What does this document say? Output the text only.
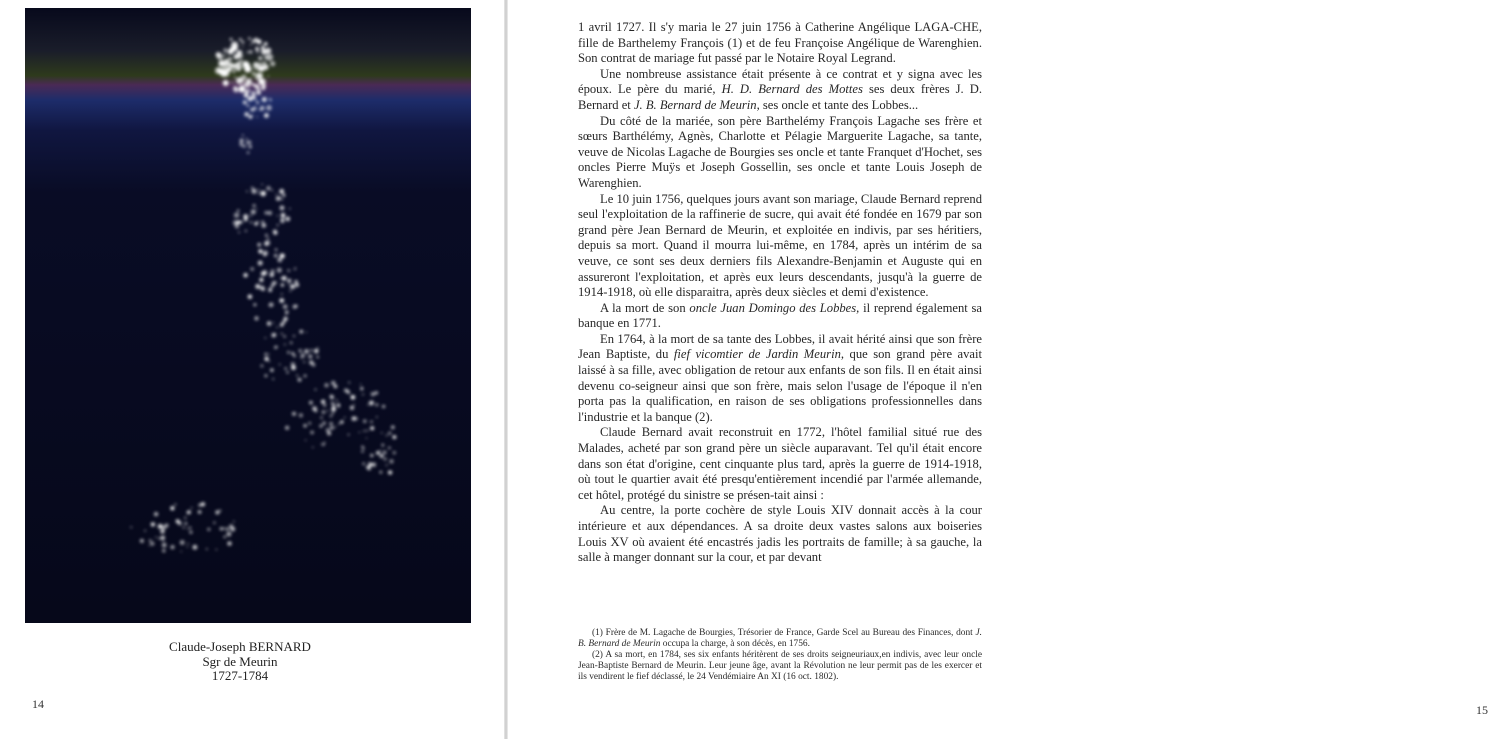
Claude-Joseph BERNARD
Sgr de Meurin
1727-1784
14

1 avril 1727. Il s'y maria le 27 juin 1756 à Catherine Angélique LAGA-CHE, fille de Barthelemy François (1) et de feu Françoise Angélique de Warenghien. Son contrat de mariage fut passé par le Notaire Royal Legrand.

Une nombreuse assistance était présente à ce contrat et y signa avec les époux. Le père du marié, H. D. Bernard des Mottes ses deux frères J. D. Bernard et J. B. Bernard de Meurin, ses oncle et tante des Lobbes...

Du côté de la mariée, son père Barthelémy François Lagache ses frère et sœurs Barthélémy, Agnès, Charlotte et Pélagie Marguerite Lagache, sa tante, veuve de Nicolas Lagache de Bourgies ses oncle et tante Franquet d'Hochet, ses oncles Pierre Muÿs et Joseph Gossellin, ses oncle et tante Louis Joseph de Warenghien.

Le 10 juin 1756, quelques jours avant son mariage, Claude Bernard reprend seul l'exploitation de la raffinerie de sucre, qui avait été fondée en 1679 par son grand père Jean Bernard de Meurin, et exploitée en indivis, par ses héritiers, depuis sa mort. Quand il mourra lui-même, en 1784, après un intérim de sa veuve, ce sont ses deux derniers fils Alexandre-Benjamin et Auguste qui en assureront l'exploitation, et après eux leurs descendants, jusqu'à la guerre de 1914-1918, où elle disparaitra, après deux siècles et demi d'existence.

A la mort de son oncle Juan Domingo des Lobbes, il reprend également sa banque en 1771.

En 1764, à la mort de sa tante des Lobbes, il avait hérité ainsi que son frère Jean Baptiste, du fief vicomtier de Jardin Meurin, que son grand père avait laissé à sa fille, avec obligation de retour aux enfants de son fils. Il en était ainsi devenu co-seigneur ainsi que son frère, mais selon l'usage de l'époque il n'en porta pas la qualification, en raison de ses obligations professionnelles dans l'industrie et la banque (2).

Claude Bernard avait reconstruit en 1772, l'hôtel familial situé rue des Malades, acheté par son grand père un siècle auparavant. Tel qu'il était encore dans son état d'origine, cent cinquante plus tard, après la guerre de 1914-1918, où tout le quartier avait été presqu'entièrement incendié par l'armée allemande, cet hôtel, protégé du sinistre se présen-tait ainsi :

Au centre, la porte cochère de style Louis XIV donnait accès à la cour intérieure et aux dépendances. A sa droite deux vastes salons aux boiseries Louis XV où avaient été encastrés jadis les portraits de famille; à sa gauche, la salle à manger donnant sur la cour, et par devant

(1) Frère de M. Lagache de Bourgies, Trésorier de France, Garde Scel au Bureau des Finances, dont J. B. Bernard de Meurin occupa la charge, à son décès, en 1756.

(2) A sa mort, en 1784, ses six enfants héritèrent de ses droits seigneuriaux,en indivis, avec leur oncle Jean-Baptiste Bernard de Meurin. Leur jeune âge, avant la Révolution ne leur permit pas de les exercer et ils vendirent le fief déclassé, le 24 Vendémiaire An XI (16 oct. 1802).

15
